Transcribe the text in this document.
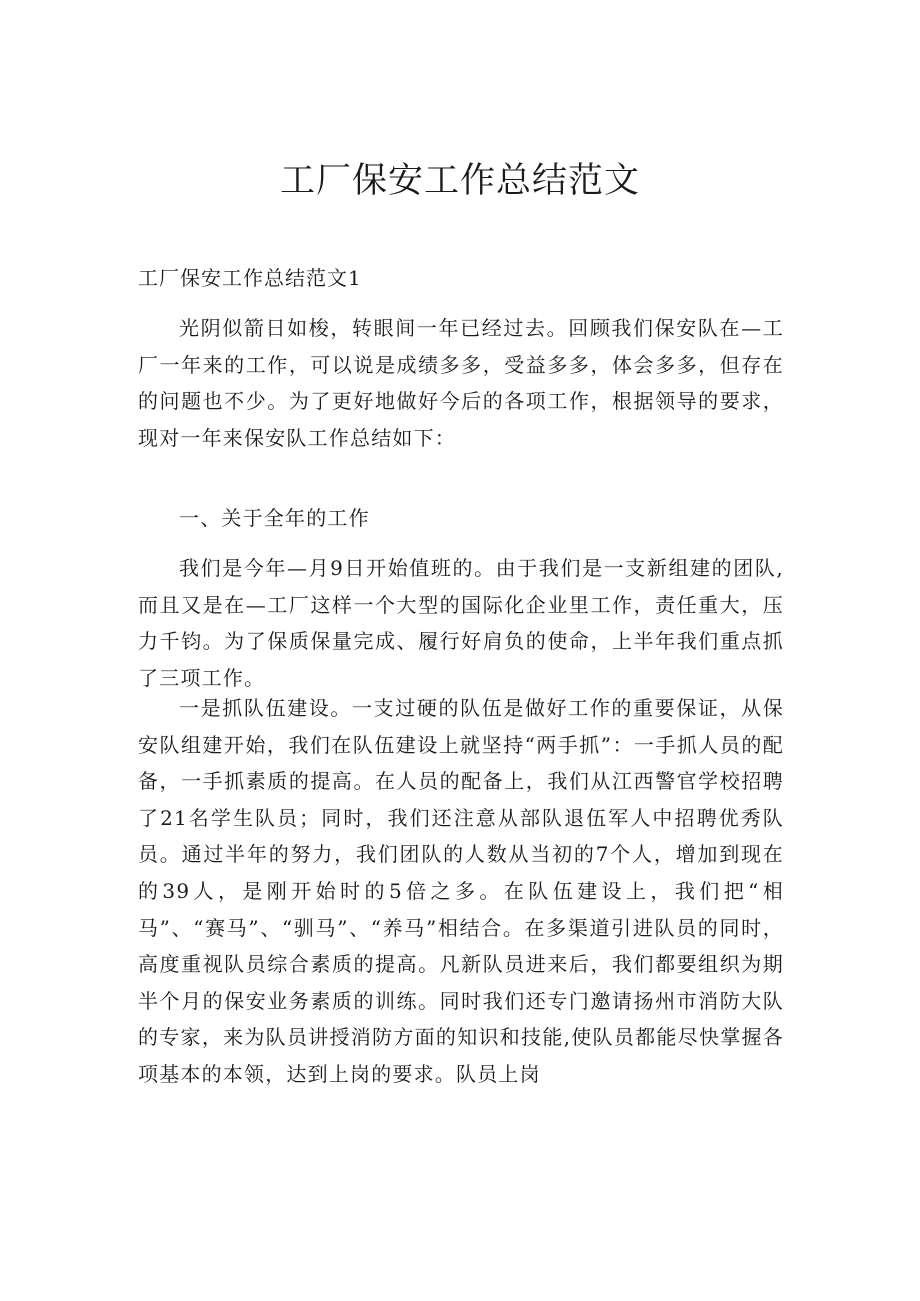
工厂保安工作总结范文
工厂保安工作总结范文1

光阴似箭日如梭，转眼间一年已经过去。回顾我们保安队在—工厂一年来的工作，可以说是成绩多多，受益多多，体会多多，但存在的问题也不少。为了更好地做好今后的各项工作，根据领导的要求，现对一年来保安队工作总结如下：

一、关于全年的工作

我们是今年—月9日开始值班的。由于我们是一支新组建的团队,而且又是在—工厂这样一个大型的国际化企业里工作，责任重大，压力千钧。为了保质保量完成、履行好肩负的使命，上半年我们重点抓了三项工作。

一是抓队伍建设。一支过硬的队伍是做好工作的重要保证，从保安队组建开始，我们在队伍建设上就坚持“两手抓”：一手抓人员的配备，一手抓素质的提高。在人员的配备上，我们从江西警官学校招聘了21名学生队员；同时，我们还注意从部队退伍军人中招聘优秀队员。通过半年的努力，我们团队的人数从当初的7个人，增加到现在的39人，是刚开始时的5倍之多。在队伍建设上，我们把“相马”、“赛马”、“驯马”、“养马”相结合。在多渠道引进队员的同时，高度重视队员综合素质的提高。凡新队员进来后，我们都要组织为期半个月的保安业务素质的训练。同时我们还专门邀请扬州市消防大队的专家，来为队员讲授消防方面的知识和技能,使队员都能尽快掌握各项基本的本领，达到上岗的要求。队员上岗
